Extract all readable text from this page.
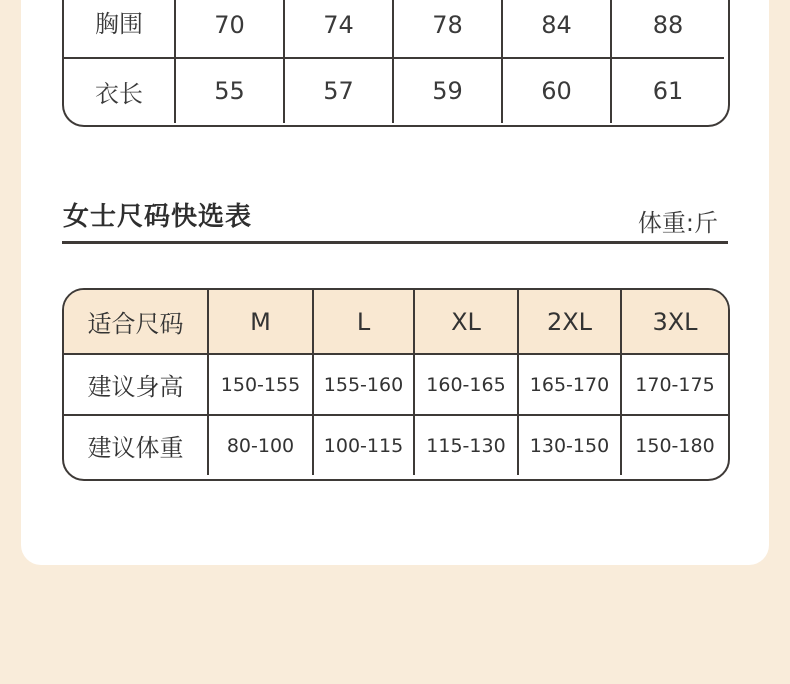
胸围	70	74	78	84	88
衣长	55	57	59	60	61
女士尺码快选表	体重:斤
适合尺码	M	L	XL	2XL	3XL
建议身高	150-155	155-160	160-165	165-170	170-175
建议体重	80-100	100-115	115-130	130-150	150-180
